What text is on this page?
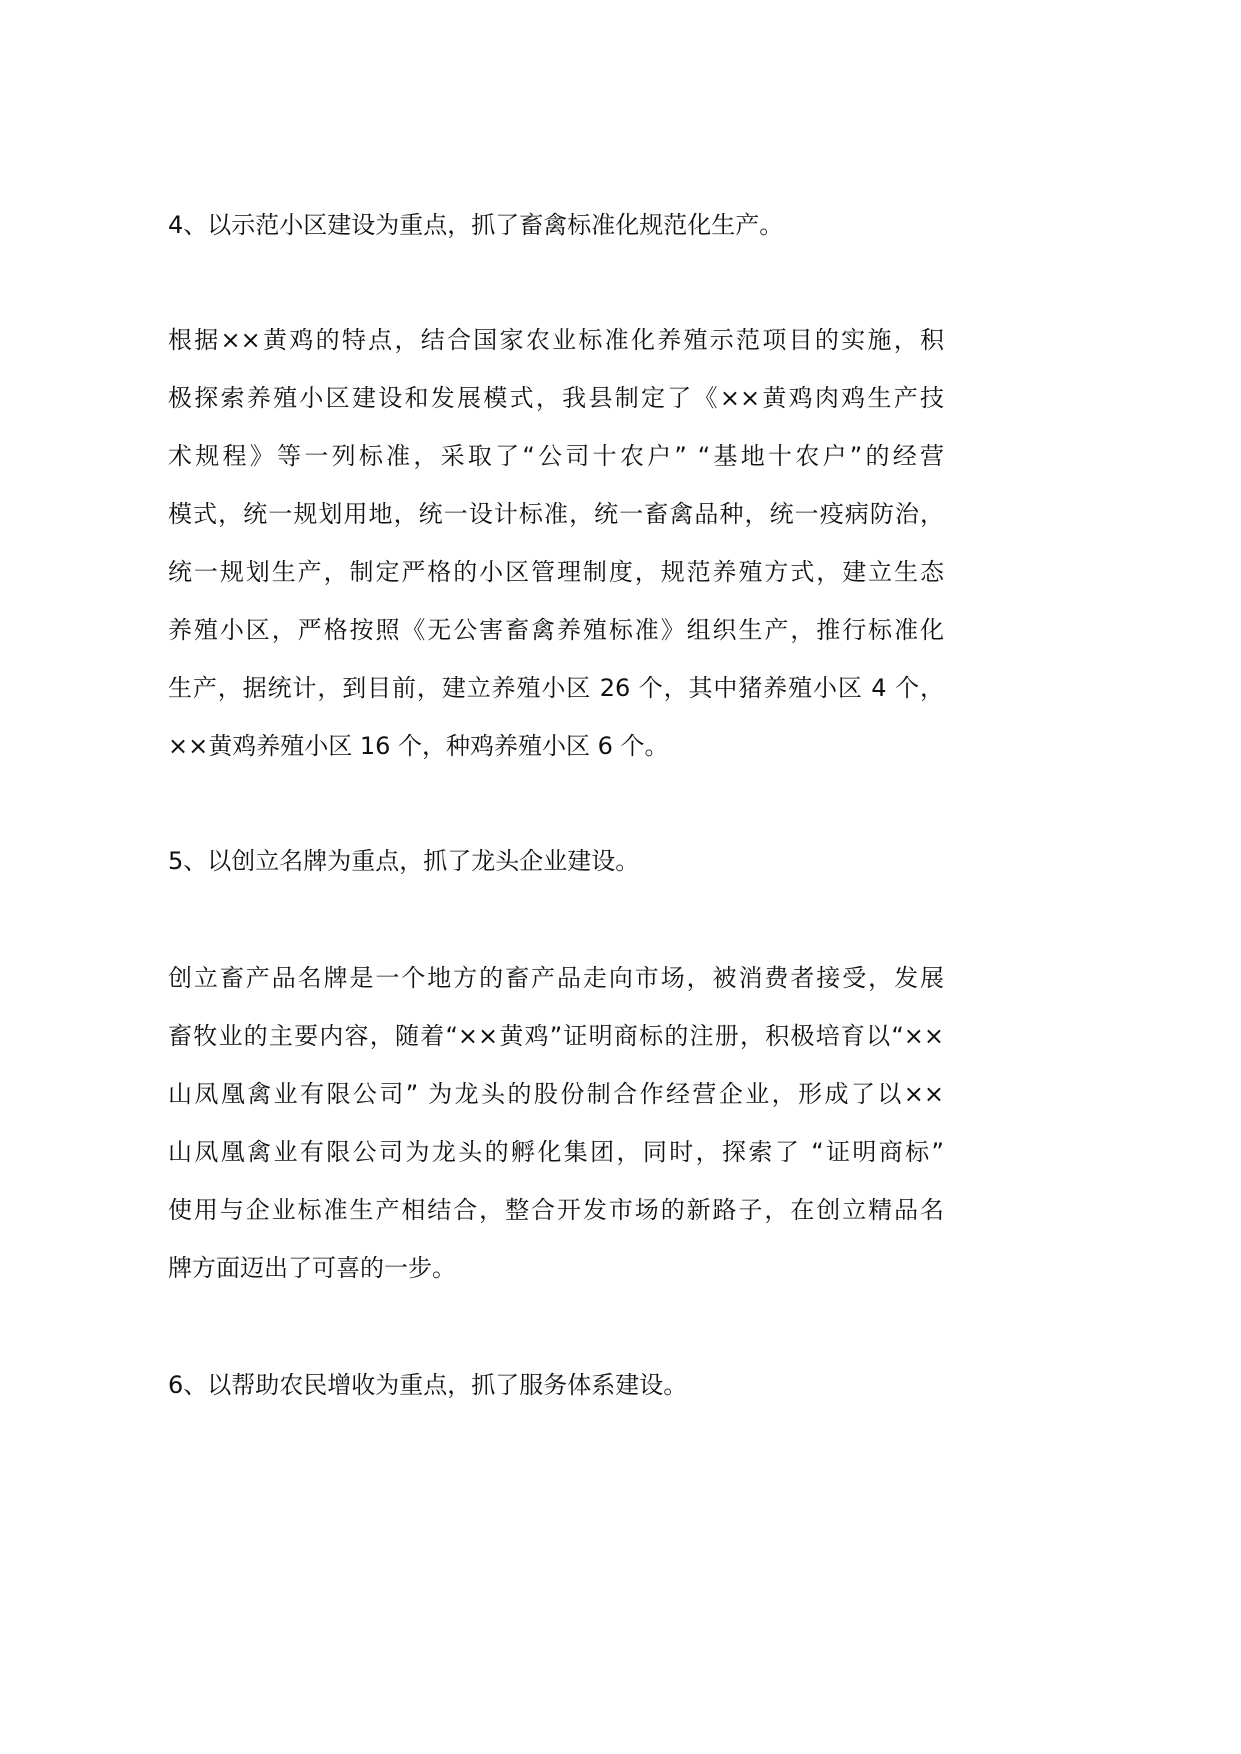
4、以示范小区建设为重点，抓了畜禽标准化规范化生产。
根据××黄鸡的特点，结合国家农业标准化养殖示范项目的实施，积
极探索养殖小区建设和发展模式，我县制定了《××黄鸡肉鸡生产技
术规程》等一列标准，采取了“公司十农户” “基地十农户”的经营
模式，统一规划用地，统一设计标准，统一畜禽品种，统一疫病防治，
统一规划生产，制定严格的小区管理制度，规范养殖方式，建立生态
养殖小区，严格按照《无公害畜禽养殖标准》组织生产，推行标准化
生产，据统计，到目前，建立养殖小区 26 个，其中猪养殖小区 4 个，
××黄鸡养殖小区 16 个，种鸡养殖小区 6 个。
5、以创立名牌为重点，抓了龙头企业建设。
创立畜产品名牌是一个地方的畜产品走向市场，被消费者接受，发展
畜牧业的主要内容，随着“××黄鸡”证明商标的注册，积极培育以“××
山凤凰禽业有限公司” 为龙头的股份制合作经营企业，形成了以××
山凤凰禽业有限公司为龙头的孵化集团，同时，探索了 “证明商标”
使用与企业标准生产相结合，整合开发市场的新路子，在创立精品名
牌方面迈出了可喜的一步。
6、以帮助农民增收为重点，抓了服务体系建设。
